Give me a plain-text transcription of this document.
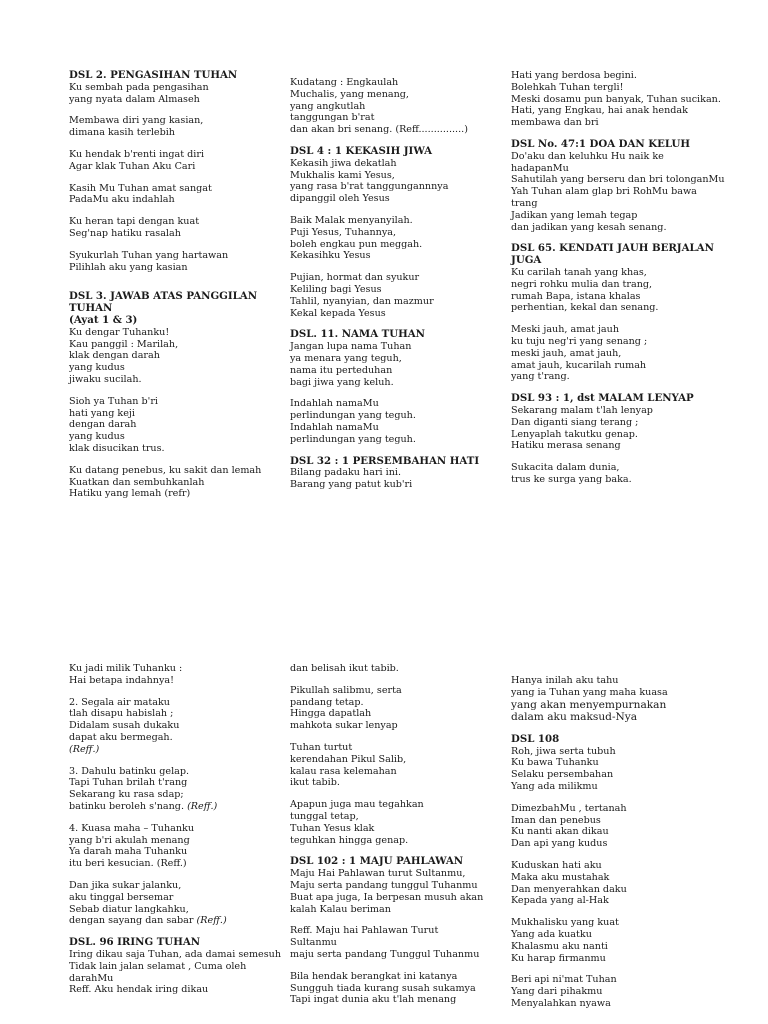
DSL 2. PENGASIHAN TUHAN

Ku sembah pada pengasihan
yang nyata dalam Almaseh

Membawa diri yang kasian,
dimana kasih terlebih

Ku hendak b'renti ingat diri
Agar klak Tuhan Aku Cari

Kasih Mu Tuhan amat sangat
PadaMu aku indahlah

Ku heran tapi dengan kuat
Seg'nap hatiku rasalah

Syukurlah Tuhan yang hartawan
Pilihlah aku yang kasian

DSL 3. JAWAB ATAS PANGGILAN
TUHAN
(Ayat 1 & 3)

Ku dengar Tuhanku!
Kau panggil : Marilah,
klak dengan darah
yang kudus
jiwaku sucilah.

Sioh ya Tuhan b'ri
hati yang keji
dengan darah
yang kudus
klak disucikan trus.

Ku datang penebus, ku sakit dan lemah
Kuatkan dan sembuhkanlah
Hatiku yang lemah (refr)

Kudatang : Engkaulah
Muchalis, yang menang,
yang angkutlah
tanggungan b'rat
dan akan bri senang. (Reff...............)

DSL 4 : 1 KEKASIH JIWA

Kekasih jiwa dekatlah
Mukhalis kami Yesus,
yang rasa b'rat tanggungannnya
dipanggil oleh Yesus

Baik Malak menyanyilah.
Puji Yesus, Tuhannya,
boleh engkau pun meggah.
Kekasihku Yesus

Pujian, hormat dan syukur
Keliling bagi Yesus
Tahlil, nyanyian, dan mazmur
Kekal kepada Yesus

DSL. 11. NAMA TUHAN

Jangan lupa nama Tuhan
ya menara yang teguh,
nama itu perteduhan
bagi jiwa yang keluh.

Indahlah namaMu
perlindungan yang teguh.
Indahlah namaMu
perlindungan yang teguh.

DSL 32 : 1 PERSEMBAHAN HATI

Bilang padaku hari ini.
Barang yang patut kub'ri

Hati yang berdosa begini.
Bolehkah Tuhan tergli!
Meski dosamu pun banyak, Tuhan sucikan.
Hati, yang Engkau, hai anak hendak
membawa dan bri

DSL No. 47:1 DOA DAN KELUH

Do'aku dan keluhku Hu naik ke
hadapanMu
Sahutilah yang berseru dan bri tolonganMu
Yah Tuhan alam glap bri RohMu bawa
trang
Jadikan yang lemah tegap
dan jadikan yang kesah senang.

DSL 65. KENDATI JAUH BERJALAN
JUGA

Ku carilah tanah yang khas,
negri rohku mulia dan trang,
rumah Bapa, istana khalas
perhentian, kekal dan senang.

Meski jauh, amat jauh
ku tuju neg'ri yang senang ;
meski jauh, amat jauh,
amat jauh, kucarilah rumah
yang t'rang.

DSL 93 : 1, dst MALAM LENYAP

Sekarang malam t'lah lenyap
Dan diganti siang terang ;
Lenyaplah takutku genap.
Hatiku merasa senang

Sukacita dalam dunia,
trus ke surga yang baka.

Ku jadi milik Tuhanku :
Hai betapa indahnya!

2. Segala air mataku
tlah disapu habislah ;
Didalam susah dukaku
dapat aku bermegah.
(Reff.)

3. Dahulu batinku gelap.
Tapi Tuhan brilah t'rang
Sekarang ku rasa sdap;
batinku beroleh s'nang. (Reff.)

4. Kuasa maha – Tuhanku
yang b'ri akulah menang
Ya darah maha Tuhanku
itu beri kesucian. (Reff.)

Dan jika sukar jalanku,
aku tinggal bersemar
Sebab diatur langkahku,
dengan sayang dan sabar (Reff.)

DSL. 96 IRING TUHAN

Iring dikau saja Tuhan, ada damai semesuh
Tidak lain jalan selamat , Cuma oleh
darahMu
Reff. Aku hendak iring dikau

dan belisah ikut tabib.

Pikullah salibmu, serta
pandang tetap.
Hingga dapatlah
mahkota sukar lenyap

Tuhan turtut
kerendahan Pikul Salib,
kalau rasa kelemahan
ikut tabib.

Apapun juga mau tegahkan
tunggal tetap,
Tuhan Yesus klak
teguhkan hingga genap.

DSL 102 : 1 MAJU PAHLAWAN

Maju Hai Pahlawan turut Sultanmu,
Maju serta pandang tunggul Tuhanmu
Buat apa juga, Ia berpesan musuh akan
kalah Kalau beriman

Reff. Maju hai Pahlawan Turut
Sultanmu
maju serta pandang Tunggul Tuhanmu

Bila hendak berangkat ini katanya
Sungguh tiada kurang susah sukamya
Tapi ingat dunia aku t'lah menang

Hanya inilah aku tahu
yang ia Tuhan yang maha kuasa
yang akan menyempurnakan
dalam aku maksud-Nya

DSL 108

Roh, jiwa serta tubuh
Ku bawa Tuhanku
Selaku persembahan
Yang ada milikmu

DimezbahMu , tertanah
Iman dan penebus
Ku nanti akan dikau
Dan api yang kudus

Kuduskan hati aku
Maka aku mustahak
Dan menyerahkan daku
Kepada yang al-Hak

Mukhalisku yang kuat
Yang ada kuatku
Khalasmu aku nanti
Ku harap firmanmu

Beri api ni'mat Tuhan
Yang dari pihakmu
Menyalahkan nyawa
